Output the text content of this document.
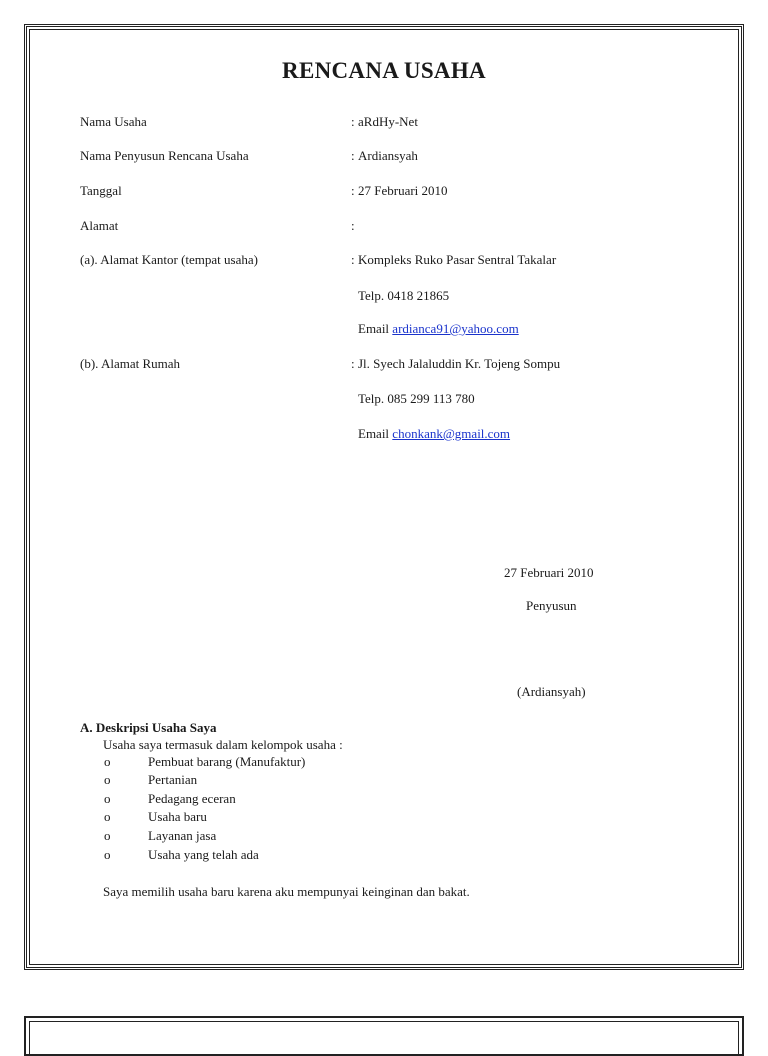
RENCANA USAHA
Nama Usaha	: aRdHy-Net
Nama Penyusun Rencana Usaha	: Ardiansyah
Tanggal	: 27 Februari 2010
Alamat	:
(a). Alamat Kantor (tempat usaha)	: Kompleks Ruko Pasar Sentral Takalar
Telp. 0418 21865
Email ardianca91@yahoo.com
(b). Alamat Rumah	: Jl. Syech Jalaluddin Kr. Tojeng Sompu
Telp. 085 299 113 780
Email chonkank@gmail.com
27 Februari 2010
Penyusun
(Ardiansyah)
A. Deskripsi Usaha Saya
Usaha saya termasuk dalam kelompok usaha :
o	Pembuat barang (Manufaktur)
o	Pertanian
o	Pedagang eceran
o	Usaha baru
o	Layanan jasa
o	Usaha yang telah ada
Saya memilih usaha baru karena aku mempunyai keinginan dan bakat.
